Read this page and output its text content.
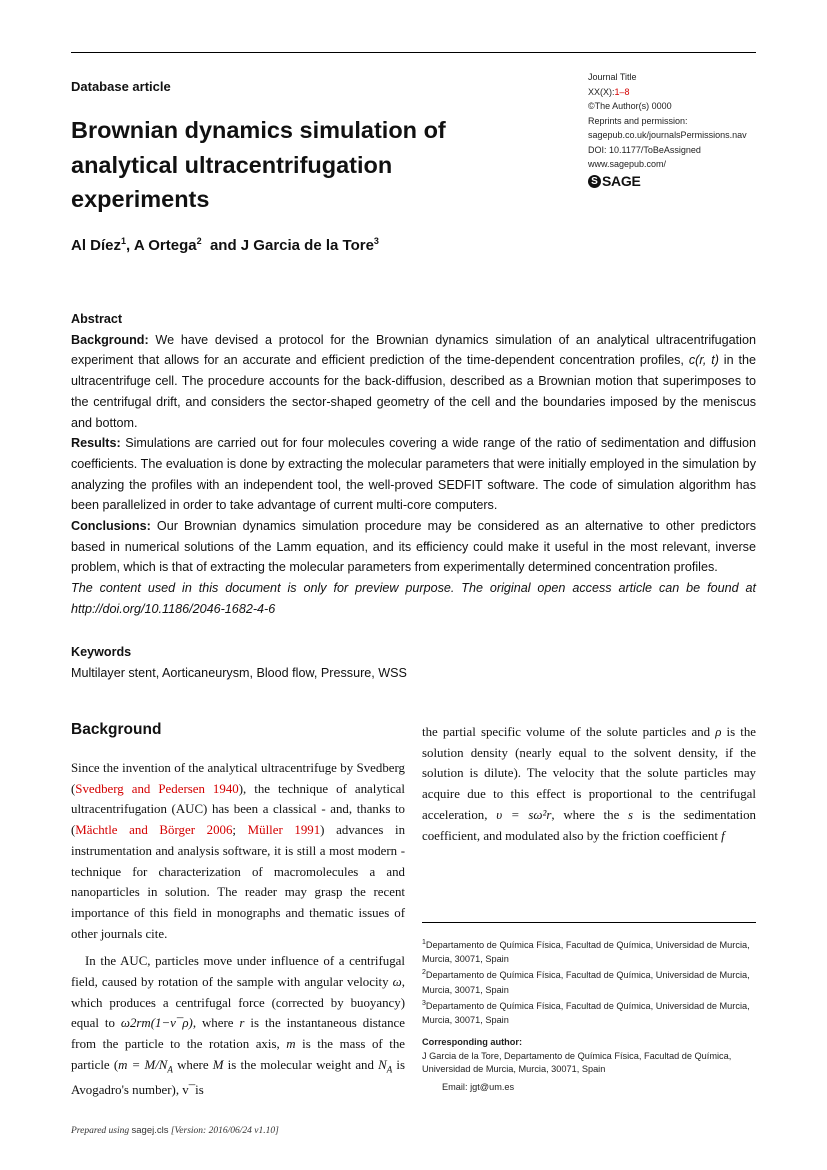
Database article
Brownian dynamics simulation of analytical ultracentrifugation experiments
Al Díez$^1$, A Ortega$^2$  and J Garcia de la Tore$^3$
Journal Title
XX(X):1–8
©The Author(s) 0000
Reprints and permission:
sagepub.co.uk/journalsPermissions.nav
DOI: 10.1177/ToBeAssigned
www.sagepub.com/
S SAGE

Abstract

Background: We have devised a protocol for the Brownian dynamics simulation of an analytical ultracentrifugation experiment that allows for an accurate and efficient prediction of the time-dependent concentration profiles, c(r, t) in the ultracentrifuge cell. The procedure accounts for the back-diffusion, described as a Brownian motion that superimposes to the centrifugal drift, and considers the sector-shaped geometry of the cell and the boundaries imposed by the meniscus and bottom.

Results: Simulations are carried out for four molecules covering a wide range of the ratio of sedimentation and diffusion coefficients. The evaluation is done by extracting the molecular parameters that were initially employed in the simulation by analyzing the profiles with an independent tool, the well-proved SEDFIT software. The code of simulation algorithm has been parallelized in order to take advantage of current multi-core computers.

Conclusions: Our Brownian dynamics simulation procedure may be considered as an alternative to other predictors based in numerical solutions of the Lamm equation, and its efficiency could make it useful in the most relevant, inverse problem, which is that of extracting the molecular parameters from experimentally determined concentration profiles.

The content used in this document is only for preview purpose. The original open access article can be found at http://doi.org/10.1186/2046-1682-4-6

Keywords
Multilayer stent, Aorticaneurysm, Blood flow, Pressure, WSS
Background

Since the invention of the analytical ultracentrifuge by Svedberg (Svedberg and Pedersen 1940), the technique of analytical ultracentrifugation (AUC) has been a classical - and, thanks to (Mächtle and Börger 2006; Müller 1991) advances in instrumentation and analysis software, it is still a most modern - technique for characterization of macromolecules a and nanoparticles in solution. The reader may grasp the recent importance of this field in monographs and thematic issues of other journals cite.

In the AUC, particles move under influence of a centrifugal field, caused by rotation of the sample with angular velocity ω, which produces a centrifugal force (corrected by buoyancy) equal to ω2rm(1−v¯ρ), where r is the instantaneous distance from the particle to the rotation axis, m is the mass of the particle ($m = M/N_A$ where M is the molecular weight and $N_A$ is Avogadro's number), v¯is

the partial specific volume of the solute particles and ρ is the solution density (nearly equal to the solvent density, if the solution is dilute). The velocity that the solute particles may acquire due to this effect is proportional to the centrifugal acceleration, υ = sω²r, where the s is the sedimentation coefficient, and modulated also by the friction coefficient f

$^1$Departamento de Química Física, Facultad de Química, Universidad de Murcia, Murcia, 30071, Spain

$^2$Departamento de Química Física, Facultad de Química, Universidad de Murcia, Murcia, 30071, Spain

$^3$Departamento de Química Física, Facultad de Química, Universidad de Murcia, Murcia, 30071, Spain

Corresponding author:

J Garcia de la Tore, Departamento de Química Física, Facultad de Química, Universidad de Murcia, Murcia, 30071, Spain

Email: jgt@um.es

Prepared using sagej.cls [Version: 2016/06/24 v1.10]
